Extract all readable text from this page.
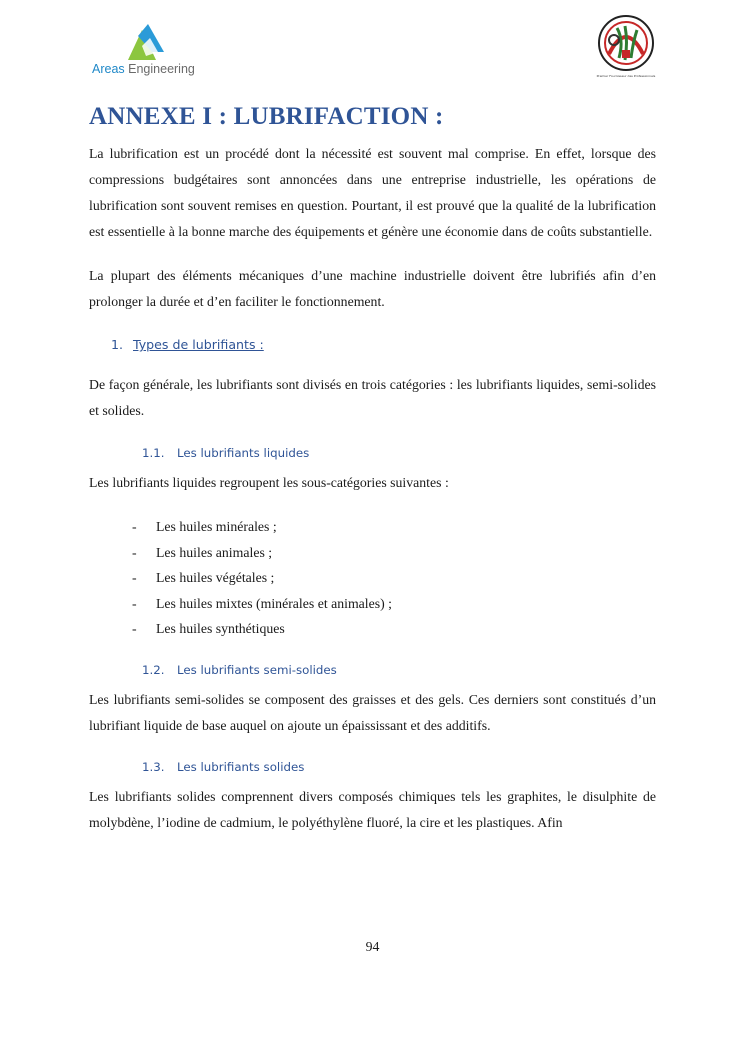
Areas Engineering	Premier Fournisseur des Professionnels
ANNEXE I : LUBRIFACTION :

La lubrification est un procédé dont la nécessité est souvent mal comprise. En effet, lorsque des compressions budgétaires sont annoncées dans une entreprise industrielle, les opérations de lubrification sont souvent remises en question. Pourtant, il est prouvé que la qualité de la lubrification est essentielle à la bonne marche des équipements et génère une économie dans de coûts substantielle.

La plupart des éléments mécaniques d’une machine industrielle doivent être lubrifiés afin d’en prolonger la durée et d’en faciliter le fonctionnement.

1. Types de lubrifiants :

De façon générale, les lubrifiants sont divisés en trois catégories : les lubrifiants liquides, semi-solides et solides.

1.1. Les lubrifiants liquides

Les lubrifiants liquides regroupent les sous-catégories suivantes :

- Les huiles minérales ;
- Les huiles animales ;
- Les huiles végétales ;
- Les huiles mixtes (minérales et animales) ;
- Les huiles synthétiques
1.2. Les lubrifiants semi-solides

Les lubrifiants semi-solides se composent des graisses et des gels. Ces derniers sont constitués d’un lubrifiant liquide de base auquel on ajoute un épaississant et des additifs.

1.3. Les lubrifiants solides

Les lubrifiants solides comprennent divers composés chimiques tels les graphites, le disulphite de molybdène, l’iodine de cadmium, le polyéthylène fluoré, la cire et les plastiques. Afin

94
